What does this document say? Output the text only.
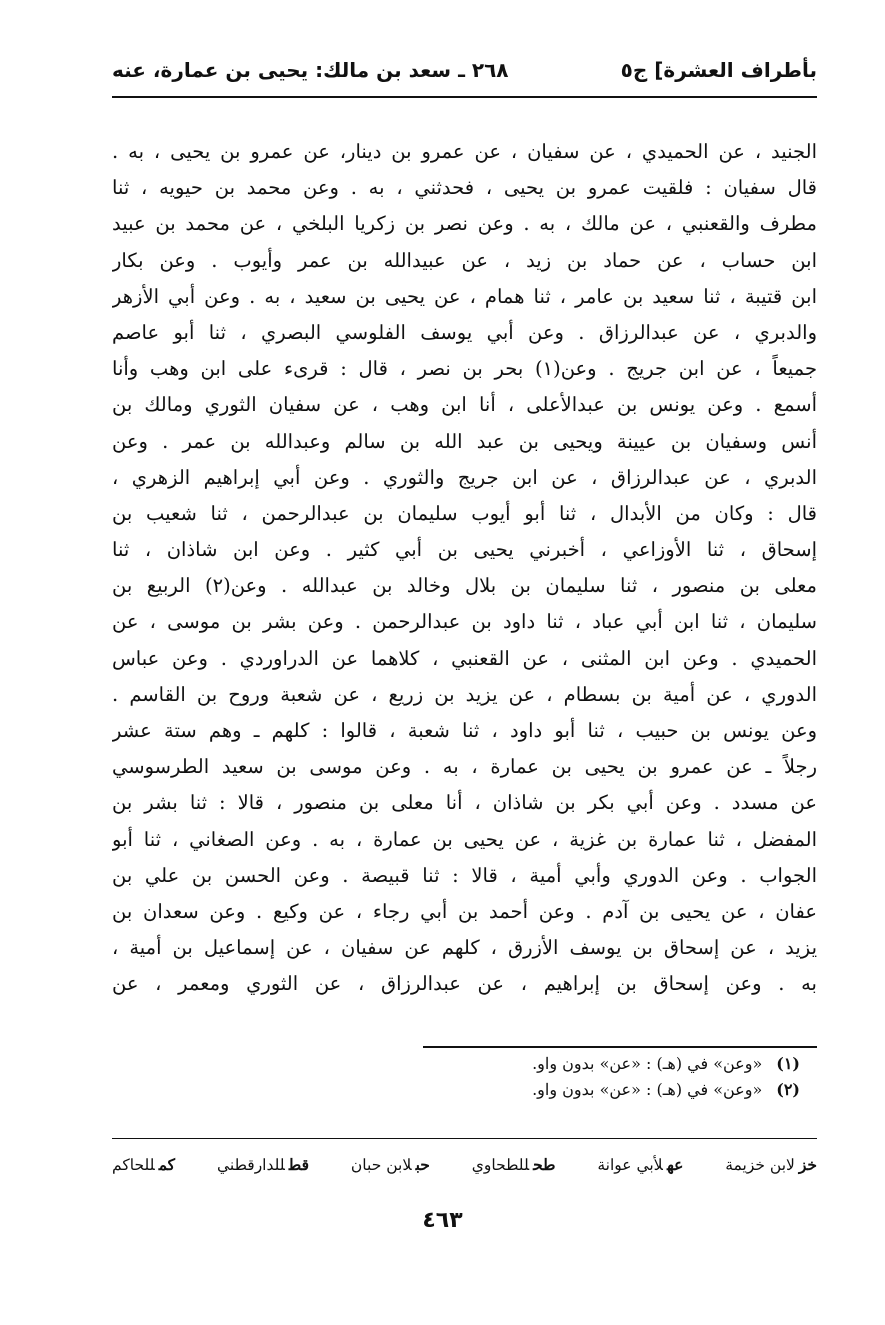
بأطراف العشرة] ج٥
٢٦٨ ـ سعد بن مالك: يحيى بن عمارة، عنه
الجنيد ، عن الحميدي ، عن سفيان ، عن عمرو بن دينار، عن عمرو بن يحيى ، به .
قال سفيان : فلقيت عمرو بن يحيى ، فحدثني ، به . وعن محمد بن حيويه ، ثنا
مطرف والقعنبي ، عن مالك ، به . وعن نصر بن زكريا البلخي ، عن محمد بن عبيد
ابن حساب ، عن حماد بن زيد ، عن عبيدالله بن عمر وأيوب . وعن بكار
ابن قتيبة ، ثنا سعيد بن عامر ، ثنا همام ، عن يحيى بن سعيد ، به . وعن أبي الأزهر
والدبري ، عن عبدالرزاق . وعن أبي يوسف الفلوسي البصري ، ثنا أبو عاصم
جميعاً ، عن ابن جريج . وعن(١) بحر بن نصر ، قال : قرىء على ابن وهب وأنا
أسمع . وعن يونس بن عبدالأعلى ، أنا ابن وهب ، عن سفيان الثوري ومالك بن
أنس وسفيان بن عيينة ويحيى بن عبد الله بن سالم وعبدالله بن عمر . وعن
الدبري ، عن عبدالرزاق ، عن ابن جريج والثوري . وعن أبي إبراهيم الزهري ،
قال : وكان من الأبدال ، ثنا أبو أيوب سليمان بن عبدالرحمن ، ثنا شعيب بن
إسحاق ، ثنا الأوزاعي ، أخبرني يحيى بن أبي كثير . وعن ابن شاذان ، ثنا
معلى بن منصور ، ثنا سليمان بن بلال وخالد بن عبدالله . وعن(٢) الربيع بن
سليمان ، ثنا ابن أبي عباد ، ثنا داود بن عبدالرحمن . وعن بشر بن موسى ، عن
الحميدي . وعن ابن المثنى ، عن القعنبي ، كلاهما عن الدراوردي . وعن عباس
الدوري ، عن أمية بن بسطام ، عن يزيد بن زريع ، عن شعبة وروح بن القاسم .
وعن يونس بن حبيب ، ثنا أبو داود ، ثنا شعبة ، قالوا : كلهم ـ وهم ستة عشر
رجلاً ـ عن عمرو بن يحيى بن عمارة ، به . وعن موسى بن سعيد الطرسوسي
عن مسدد . وعن أبي بكر بن شاذان ، أنا معلى بن منصور ، قالا : ثنا بشر بن
المفضل ، ثنا عمارة بن غزية ، عن يحيى بن عمارة ، به . وعن الصغاني ، ثنا أبو
الجواب . وعن الدوري وأبي أمية ، قالا : ثنا قبيصة . وعن الحسن بن علي بن
عفان ، عن يحيى بن آدم . وعن أحمد بن أبي رجاء ، عن وكيع . وعن سعدان بن
يزيد ، عن إسحاق بن يوسف الأزرق ، كلهم عن سفيان ، عن إسماعيل بن أمية ،
به . وعن إسحاق بن إبراهيم ، عن عبدالرزاق ، عن الثوري ومعمر ، عن
(١)«وعن» في (هـ) : «عن» بدون واو.
(٢)«وعن» في (هـ) : «عن» بدون واو.
خزلابن خزيمة
عهلأبي عوانة
طحللطحاوي
حبلابن حبان
قطللدارقطني
كمللحاكم
٤٦٣
